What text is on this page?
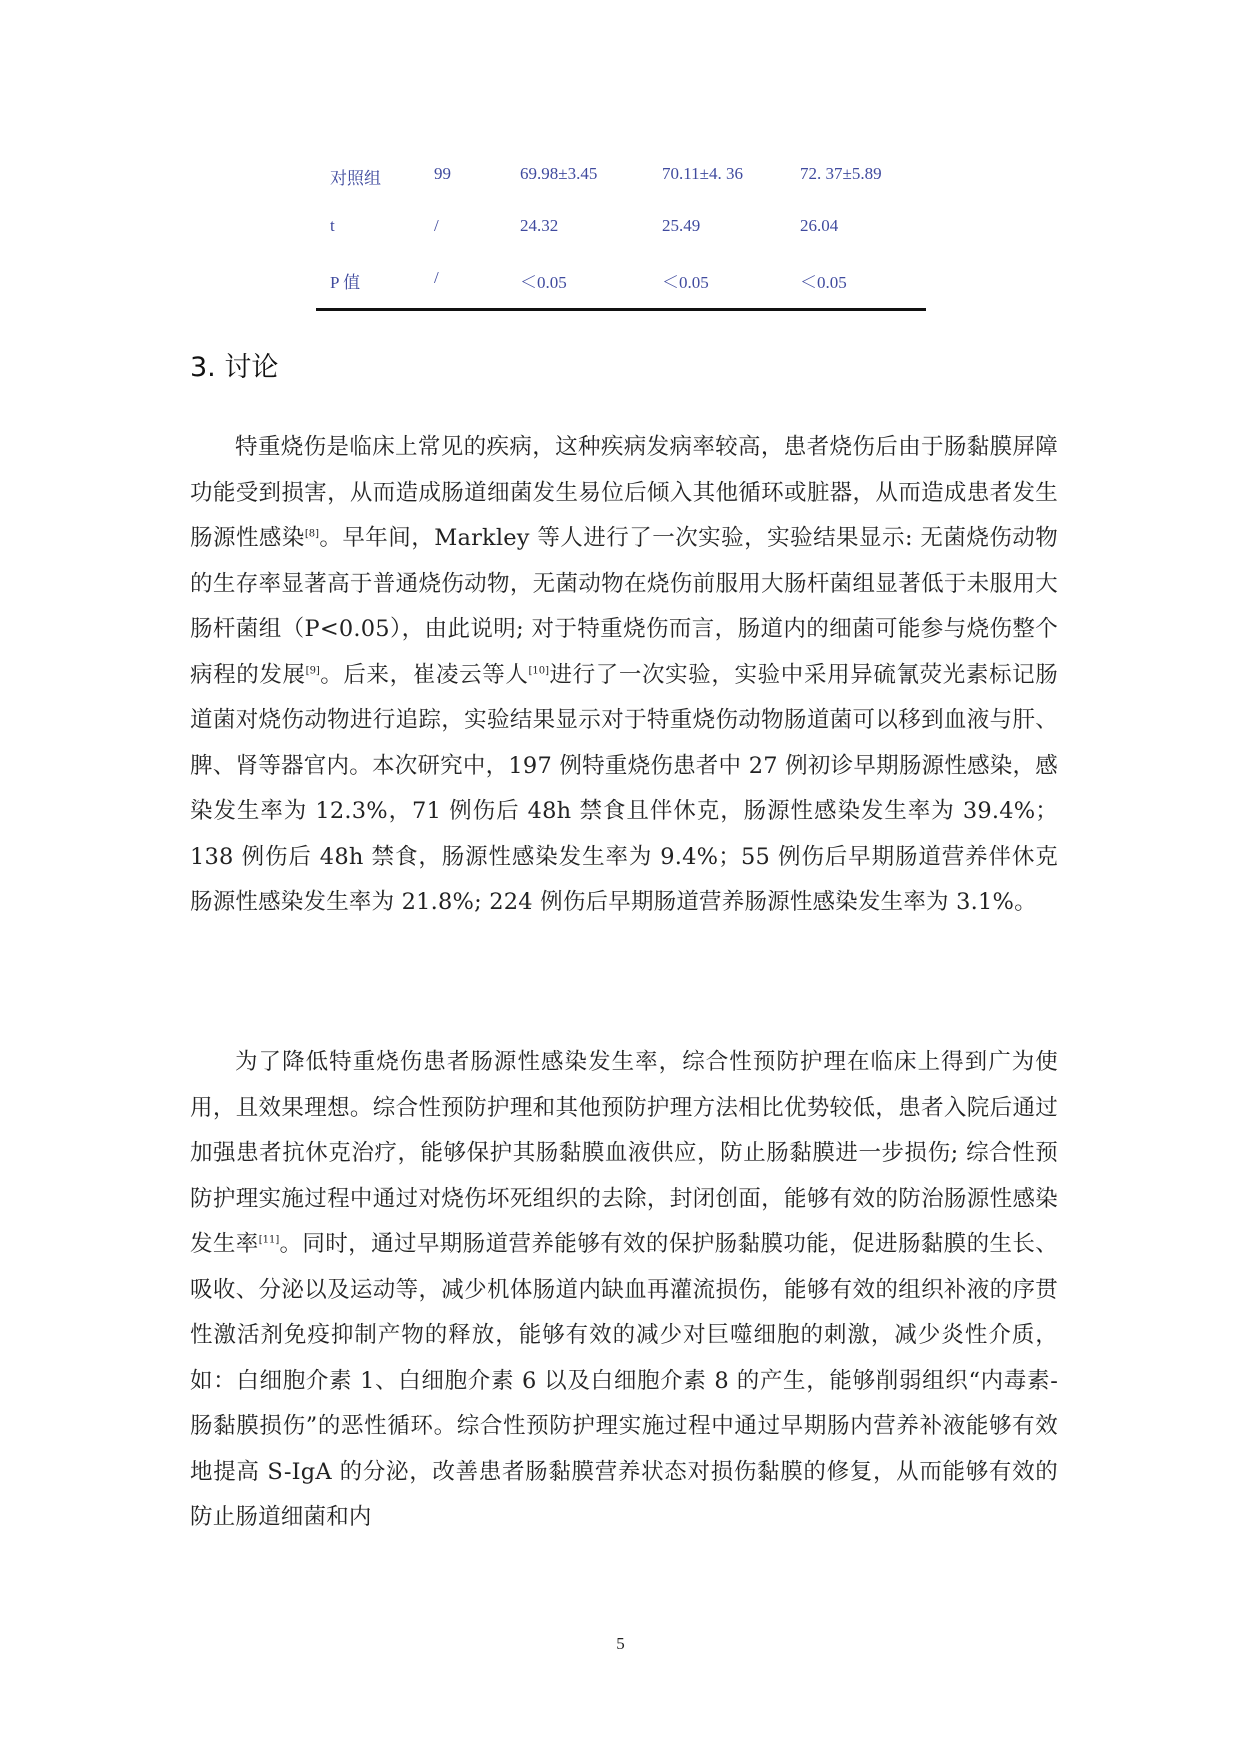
对照组	99	69.98±3.45	70.11±4. 36	72. 37±5.89
t	/	24.32	25.49	26.04
P 值	/	＜0.05	＜0.05	＜0.05
3. 讨论

特重烧伤是临床上常见的疾病，这种疾病发病率较高，患者烧伤后由于肠黏膜屏障功能受到损害，从而造成肠道细菌发生易位后倾入其他循环或脏器，从而造成患者发生肠源性感染[8]。早年间，Markley 等人进行了一次实验，实验结果显示: 无菌烧伤动物的生存率显著高于普通烧伤动物，无菌动物在烧伤前服用大肠杆菌组显著低于未服用大肠杆菌组（P<0.05），由此说明; 对于特重烧伤而言，肠道内的细菌可能参与烧伤整个病程的发展[9]。后来，崔凌云等人[10]进行了一次实验，实验中采用异硫氰荧光素标记肠道菌对烧伤动物进行追踪，实验结果显示对于特重烧伤动物肠道菌可以移到血液与肝、脾、肾等器官内。本次研究中，197 例特重烧伤患者中 27 例初诊早期肠源性感染，感染发生率为 12.3%，71 例伤后 48h 禁食且伴休克，肠源性感染发生率为 39.4%；138 例伤后 48h 禁食，肠源性感染发生率为 9.4%；55 例伤后早期肠道营养伴休克肠源性感染发生率为 21.8%; 224 例伤后早期肠道营养肠源性感染发生率为 3.1%。

为了降低特重烧伤患者肠源性感染发生率，综合性预防护理在临床上得到广为使用，且效果理想。综合性预防护理和其他预防护理方法相比优势较低，患者入院后通过加强患者抗休克治疗，能够保护其肠黏膜血液供应，防止肠黏膜进一步损伤; 综合性预防护理实施过程中通过对烧伤坏死组织的去除，封闭创面，能够有效的防治肠源性感染发生率[11]。同时，通过早期肠道营养能够有效的保护肠黏膜功能，促进肠黏膜的生长、吸收、分泌以及运动等，减少机体肠道内缺血再灌流损伤，能够有效的组织补液的序贯性激活剂免疫抑制产物的释放，能够有效的减少对巨噬细胞的刺激，减少炎性介质，如：白细胞介素 1、白细胞介素 6 以及白细胞介素 8 的产生，能够削弱组织“内毒素-肠黏膜损伤”的恶性循环。综合性预防护理实施过程中通过早期肠内营养补液能够有效地提高 S-IgA 的分泌，改善患者肠黏膜营养状态对损伤黏膜的修复，从而能够有效的防止肠道细菌和内

5
